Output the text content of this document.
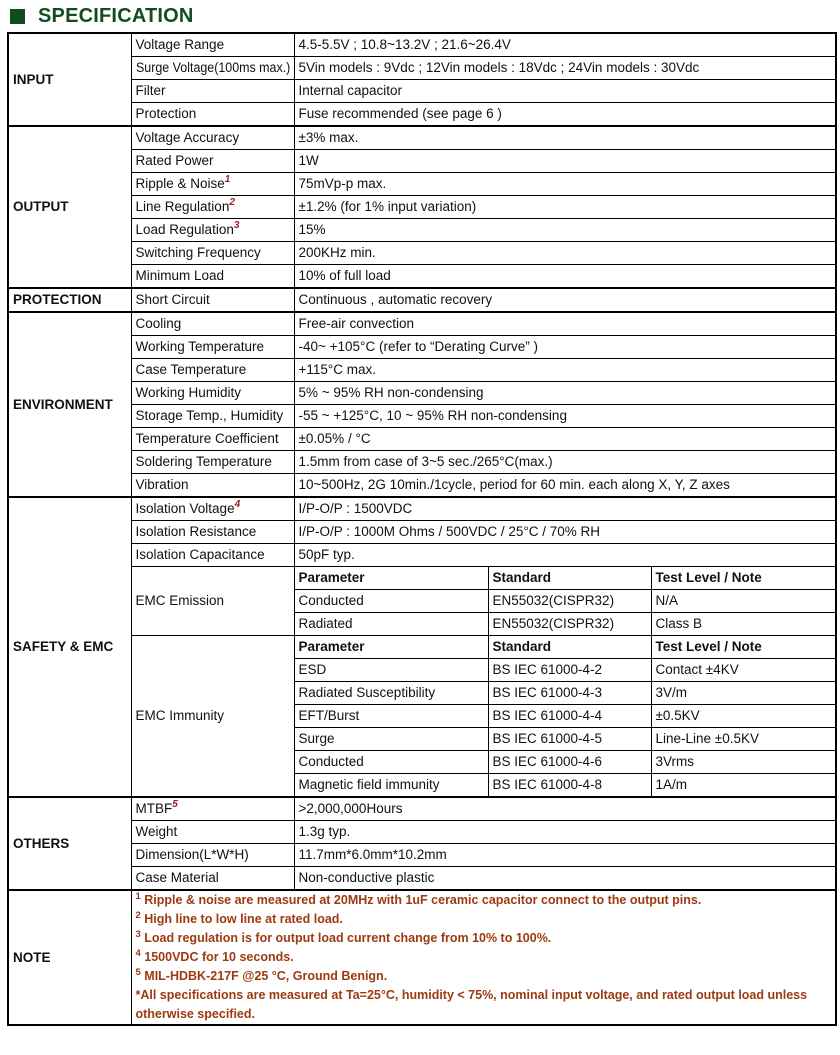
SPECIFICATION
INPUT	Voltage Range	4.5-5.5V ; 10.8~13.2V ; 21.6~26.4V		
	Surge Voltage(100ms max.)	5Vin models : 9Vdc ; 12Vin models : 18Vdc ; 24Vin models : 30Vdc		
	Filter	Internal capacitor		
	Protection	Fuse recommended (see page 6 )		
OUTPUT	Voltage Accuracy	±3% max.		
	Rated Power	1W		
	Ripple & Noise$^1$	75mVp-p max.		
	Line Regulation$^2$	±1.2% (for 1% input variation)		
	Load Regulation$^3$	15%		
	Switching Frequency	200KHz min.		
	Minimum Load	10% of full load		
PROTECTION	Short Circuit	Continuous , automatic recovery		
ENVIRONMENT	Cooling	Free-air convection		
	Working Temperature	-40~ +105°C (refer to “Derating Curve” )		
	Case Temperature	+115°C max.		
	Working Humidity	5% ~ 95% RH non-condensing		
	Storage Temp., Humidity	-55 ~ +125°C, 10 ~ 95% RH non-condensing		
	Temperature Coefficient	±0.05% / °C		
	Soldering Temperature	1.5mm from case of 3~5 sec./265°C(max.)		
	Vibration	10~500Hz, 2G 10min./1cycle, period for 60 min. each along X, Y, Z axes		
SAFETY & EMC	Isolation Voltage$^4$	I/P-O/P : 1500VDC		
	Isolation Resistance	I/P-O/P : 1000M Ohms / 500VDC / 25°C / 70% RH		
	Isolation Capacitance	50pF typ.		
	EMC Emission	Parameter	Standard	Test Level / Note
		Conducted	EN55032(CISPR32)	N/A
		Radiated	EN55032(CISPR32)	Class B
	EMC Immunity	Parameter	Standard	Test Level / Note
		ESD	BS IEC 61000-4-2	Contact ±4KV
		Radiated Susceptibility	BS IEC 61000-4-3	3V/m
		EFT/Burst	BS IEC 61000-4-4	±0.5KV
		Surge	BS IEC 61000-4-5	Line-Line ±0.5KV
		Conducted	BS IEC 61000-4-6	3Vrms
		Magnetic field immunity	BS IEC 61000-4-8	1A/m
OTHERS	MTBF$^5$	>2,000,000Hours		
	Weight	1.3g typ.		
	Dimension(L*W*H)	11.7mm*6.0mm*10.2mm		
	Case Material	Non-conductive plastic		
NOTE	
$^1$ Ripple & noise are measured at 20MHz with 1uF ceramic capacitor connect to the output pins.
$^2$ High line to low line at rated load.
$^3$ Load regulation is for output load current change from 10% to 100%.
$^4$ 1500VDC for 10 seconds.
$^5$ MIL-HDBK-217F @25 °C, Ground Benign.
*All specifications are measured at Ta=25°C, humidity < 75%, nominal input voltage, and rated output load unless otherwise specified.
